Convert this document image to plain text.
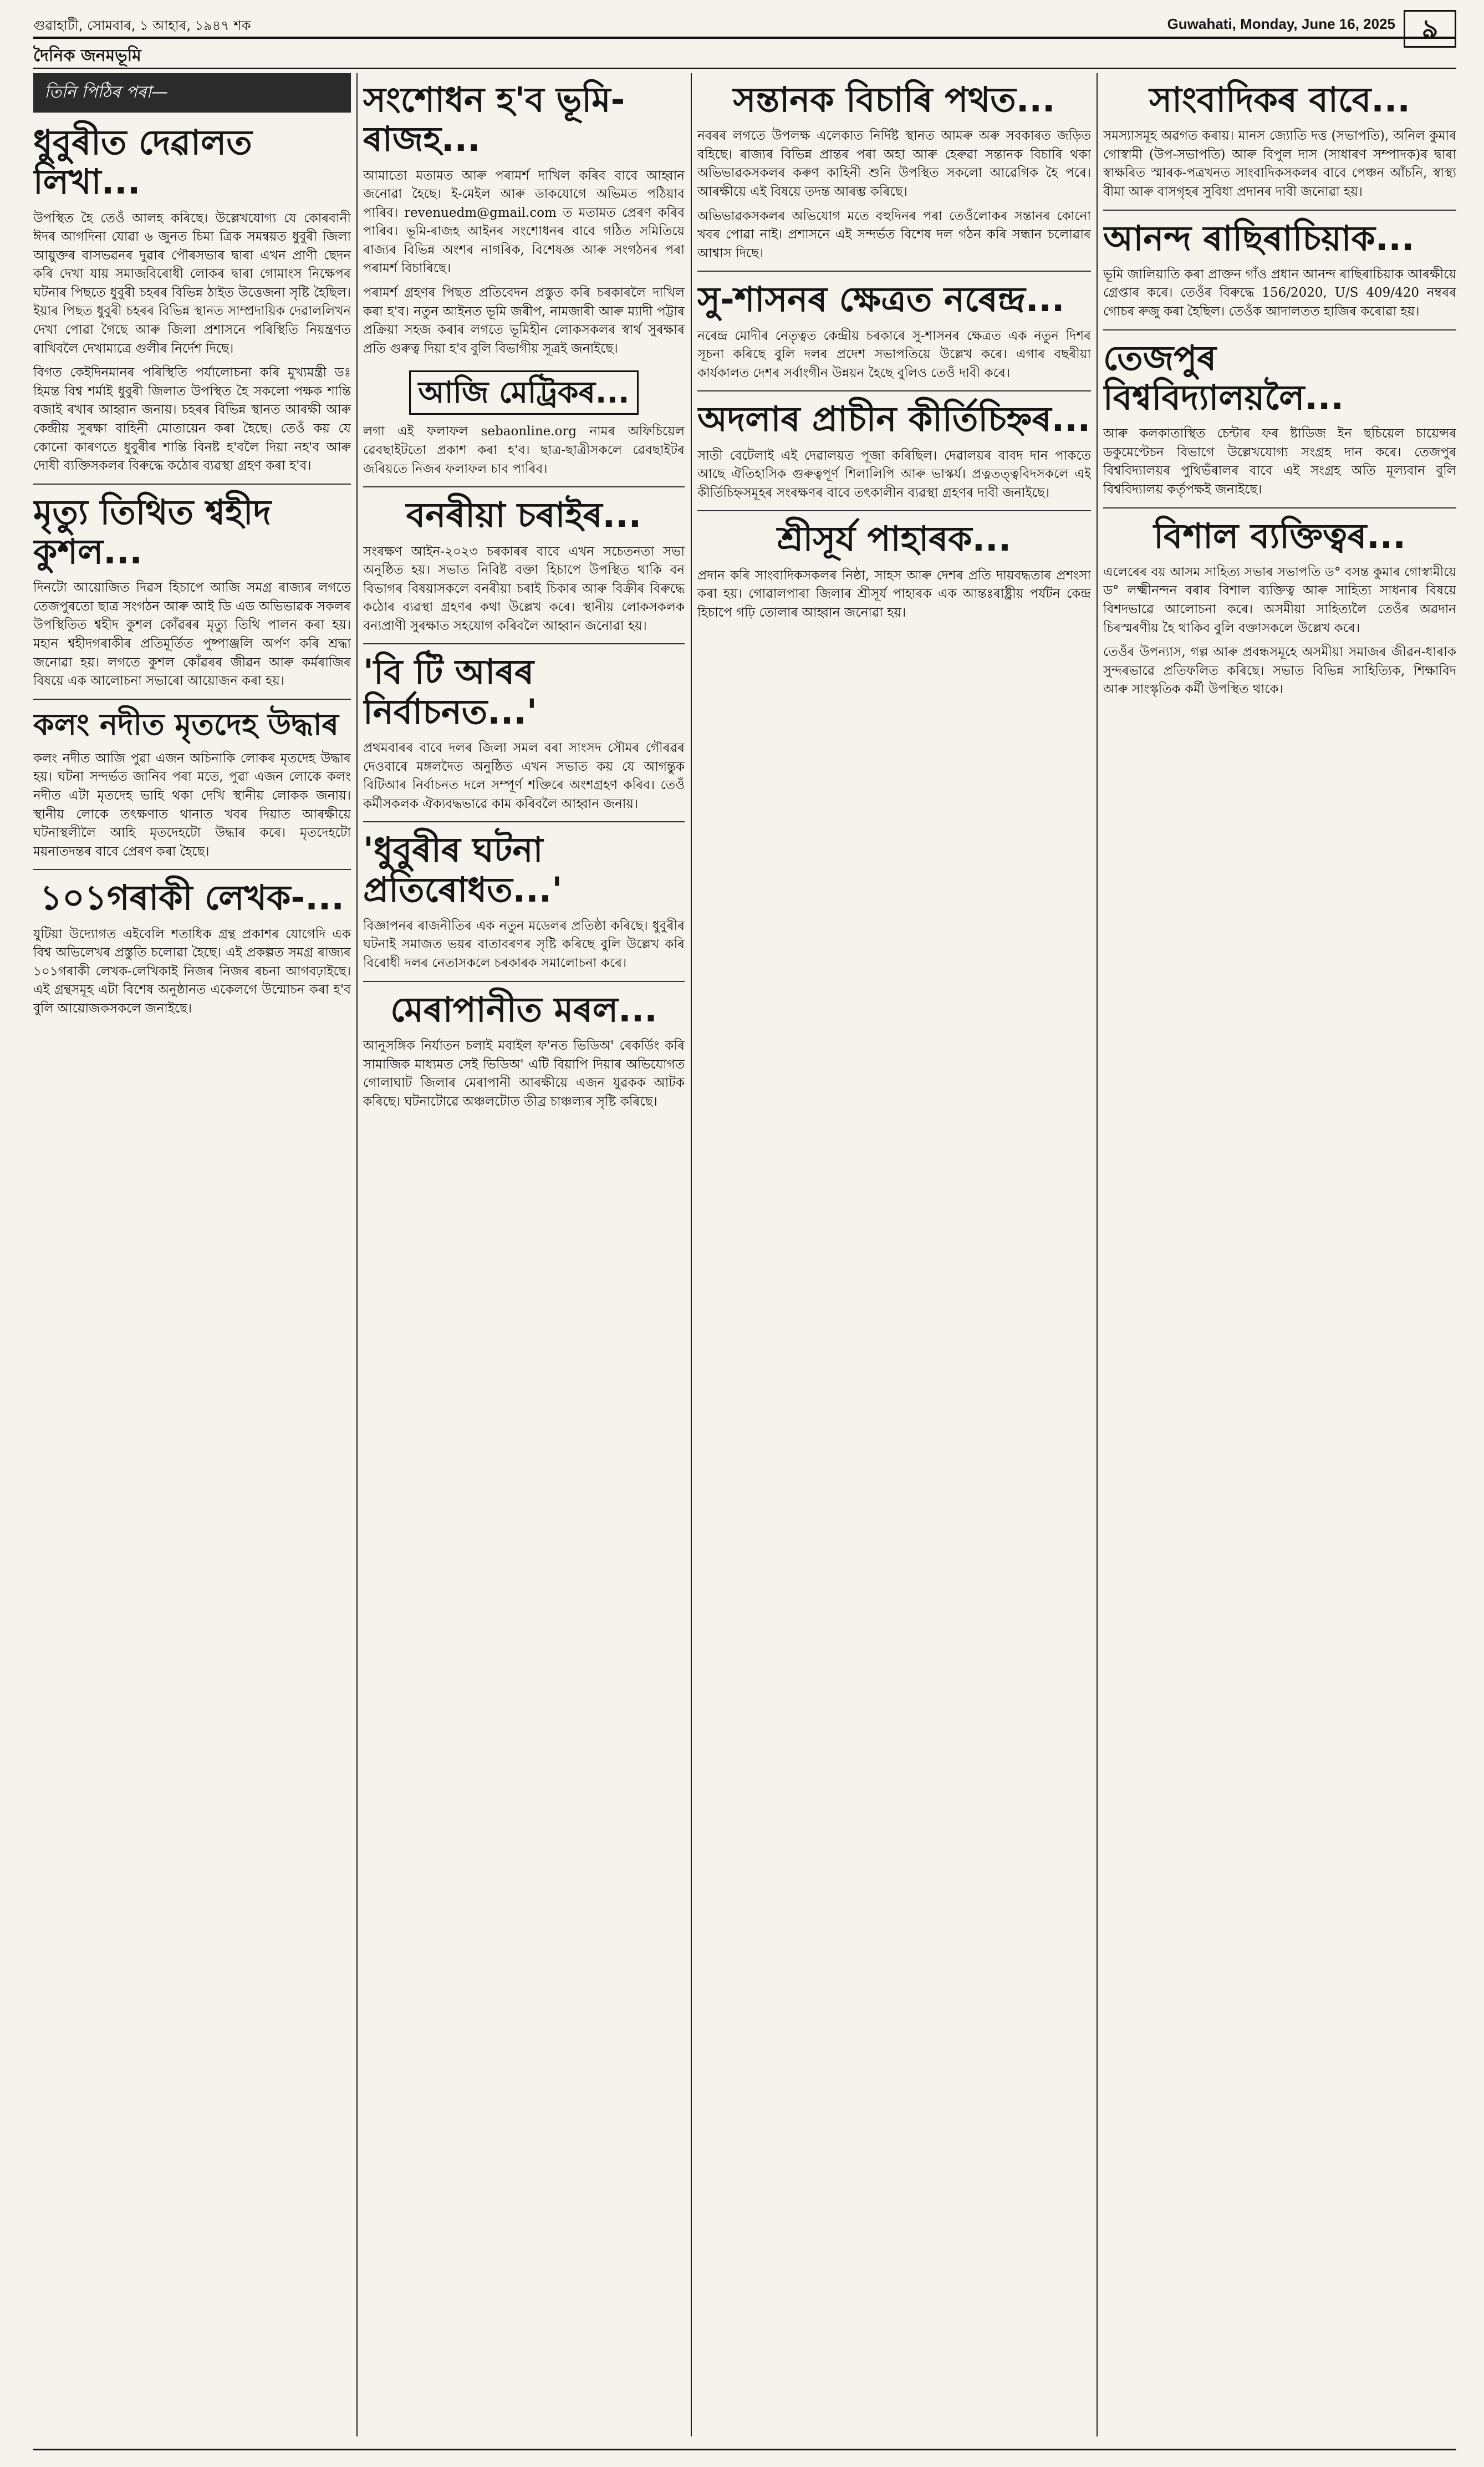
গুৱাহাটী, সোমবাৰ, ১ আহাৰ, ১৯৪৭ শক	Guwahati, Monday, June 16, 2025	৯
দৈনিক জনমভূমি
তিনি পিঠিৰ পৰা—
ধুবুৰীত দেৱালত লিখা...

উপস্থিত হৈ তেওঁ আলহ কৰিছে। উল্লেখযোগ্য যে কোৰবানী ঈদৰ আগদিনা যোৱা ৬ জুনত চিমা ত্ৰিক সমন্বয়ত ধুবুৰী জিলা আয়ুক্তৰ বাসভৱনৰ দুৱাৰ পৌৰসভাৰ দ্বাৰা এখন প্ৰাণী ছেদন কৰি দেখা যায় সমাজবিৰোধী লোকৰ দ্বাৰা গোমাংস নিক্ষেপৰ ঘটনাৰ পিছতে ধুবুৰী চহৰৰ বিভিন্ন ঠাইত উত্তেজনা সৃষ্টি হৈছিল। ইয়াৰ পিছত ধুবুৰী চহৰৰ বিভিন্ন স্থানত সাম্প্ৰদায়িক দেৱাললিখন দেখা পোৱা গৈছে আৰু জিলা প্ৰশাসনে পৰিস্থিতি নিয়ন্ত্ৰণত ৰাখিবলৈ দেখামাত্ৰে গুলীৰ নিৰ্দেশ দিছে।

বিগত কেইদিনমানৰ পৰিস্থিতি পৰ্যালোচনা কৰি মুখ্যমন্ত্ৰী ডঃ হিমন্ত বিশ্ব শৰ্মাই ধুবুৰী জিলাত উপস্থিত হৈ সকলো পক্ষক শান্তি বজাই ৰখাৰ আহ্বান জনায়। চহৰৰ বিভিন্ন স্থানত আৰক্ষী আৰু কেন্দ্ৰীয় সুৰক্ষা বাহিনী মোতায়েন কৰা হৈছে। তেওঁ কয় যে কোনো কাৰণতে ধুবুৰীৰ শান্তি বিনষ্ট হ'বলৈ দিয়া নহ'ব আৰু দোষী ব্যক্তিসকলৰ বিৰুদ্ধে কঠোৰ ব্যৱস্থা গ্ৰহণ কৰা হ'ব।

মৃত্যু তিথিত শ্বহীদ কুশল...

দিনটো আয়োজিত দিৱস হিচাপে আজি সমগ্ৰ ৰাজ্যৰ লগতে তেজপুৰতো ছাত্ৰ সংগঠন আৰু আই ডি এড অভিভাৱক সকলৰ উপস্থিতিত শ্বহীদ কুশল কোঁৱৰৰ মৃত্যু তিথি পালন কৰা হয়। মহান শ্বহীদগৰাকীৰ প্ৰতিমূৰ্তিত পুষ্পাঞ্জলি অৰ্পণ কৰি শ্ৰদ্ধা জনোৱা হয়। লগতে কুশল কোঁৱৰৰ জীৱন আৰু কৰ্মৰাজিৰ বিষয়ে এক আলোচনা সভাৰো আয়োজন কৰা হয়।

কলং নদীত মৃতদেহ উদ্ধাৰ

কলং নদীত আজি পুৱা এজন অচিনাকি লোকৰ মৃতদেহ উদ্ধাৰ হয়। ঘটনা সন্দৰ্ভত জানিব পৰা মতে, পুৱা এজন লোকে কলং নদীত এটা মৃতদেহ ভাহি থকা দেখি স্থানীয় লোকক জনায়। স্থানীয় লোকে তৎক্ষণাত থানাত খবৰ দিয়াত আৰক্ষীয়ে ঘটনাস্থলীলৈ আহি মৃতদেহটো উদ্ধাৰ কৰে। মৃতদেহটো ময়নাতদন্তৰ বাবে প্ৰেৰণ কৰা হৈছে।

১০১গৰাকী লেখক-...

যুটিয়া উদ্যোগত এইবেলি শতাধিক গ্ৰন্থ প্ৰকাশৰ যোগেদি এক বিশ্ব অভিলেখৰ প্ৰস্তুতি চলোৱা হৈছে। এই প্ৰকল্পত সমগ্ৰ ৰাজ্যৰ ১০১গৰাকী লেখক-লেখিকাই নিজৰ নিজৰ ৰচনা আগবঢ়াইছে। এই গ্ৰন্থসমূহ এটা বিশেষ অনুষ্ঠানত একেলগে উন্মোচন কৰা হ'ব বুলি আয়োজকসকলে জনাইছে।

সংশোধন হ'ব ভূমি-ৰাজহ...

আমাতো মতামত আৰু পৰামৰ্শ দাখিল কৰিব বাবে আহ্বান জনোৱা হৈছে। ই-মেইল আৰু ডাকযোগে অভিমত পঠিয়াব পাৰিব। revenuedm@gmail.com ত মতামত প্ৰেৰণ কৰিব পাৰিব। ভূমি-ৰাজহ আইনৰ সংশোধনৰ বাবে গঠিত সমিতিয়ে ৰাজ্যৰ বিভিন্ন অংশৰ নাগৰিক, বিশেষজ্ঞ আৰু সংগঠনৰ পৰা পৰামৰ্শ বিচাৰিছে।

পৰামৰ্শ গ্ৰহণৰ পিছত প্ৰতিবেদন প্ৰস্তুত কৰি চৰকাৰলৈ দাখিল কৰা হ'ব। নতুন আইনত ভূমি জৰীপ, নামজাৰী আৰু ম্যাদী পট্টাৰ প্ৰক্ৰিয়া সহজ কৰাৰ লগতে ভূমিহীন লোকসকলৰ স্বাৰ্থ সুৰক্ষাৰ প্ৰতি গুৰুত্ব দিয়া হ'ব বুলি বিভাগীয় সূত্ৰই জনাইছে।

আজি মেট্ৰিকৰ...

লগা এই ফলাফল sebaonline.org নামৰ অফিচিয়েল ৱেবছাইটতো প্ৰকাশ কৰা হ'ব। ছাত্ৰ-ছাত্ৰীসকলে ৱেবছাইটৰ জৰিয়তে নিজৰ ফলাফল চাব পাৰিব।

বনৰীয়া চৰাইৰ...

সংৰক্ষণ আইন-২০২৩ চৰকাৰৰ বাবে এখন সচেতনতা সভা অনুষ্ঠিত হয়। সভাত নিবিষ্ট বক্তা হিচাপে উপস্থিত থাকি বন বিভাগৰ বিষয়াসকলে বনৰীয়া চৰাই চিকাৰ আৰু বিক্ৰীৰ বিৰুদ্ধে কঠোৰ ব্যৱস্থা গ্ৰহণৰ কথা উল্লেখ কৰে। স্থানীয় লোকসকলক বন্যপ্ৰাণী সুৰক্ষাত সহযোগ কৰিবলৈ আহ্বান জনোৱা হয়।

'বি টি আৰৰ নিৰ্বাচনত...'

প্ৰথমবাৰৰ বাবে দলৰ জিলা সমল বৰা সাংসদ সৌমৰ গৌৰৱৰ দেওবাৰে মঙ্গলদৈত অনুষ্ঠিত এখন সভাত কয় যে আগন্তুক বিটিআৰ নিৰ্বাচনত দলে সম্পূৰ্ণ শক্তিৰে অংশগ্ৰহণ কৰিব। তেওঁ কৰ্মীসকলক ঐক্যবদ্ধভাৱে কাম কৰিবলৈ আহ্বান জনায়।

'ধুবুৰীৰ ঘটনা প্ৰতিৰোধত...'

বিজ্ঞাপনৰ ৰাজনীতিৰ এক নতুন মডেলৰ প্ৰতিষ্ঠা কৰিছে। ধুবুৰীৰ ঘটনাই সমাজত ভয়ৰ বাতাবৰণৰ সৃষ্টি কৰিছে বুলি উল্লেখ কৰি বিৰোধী দলৰ নেতাসকলে চৰকাৰক সমালোচনা কৰে।

মেৰাপানীত মৰল...

আনুসঙ্গিক নিৰ্যাতন চলাই মবাইল ফ'নত ভিডিঅ' ৰেকৰ্ডিং কৰি সামাজিক মাধ্যমত সেই ভিডিঅ' এটি বিয়াপি দিয়াৰ অভিযোগত গোলাঘাট জিলাৰ মেৰাপানী আৰক্ষীয়ে এজন যুৱকক আটক কৰিছে। ঘটনাটোৱে অঞ্চলটোত তীব্ৰ চাঞ্চল্যৰ সৃষ্টি কৰিছে।

সন্তানক বিচাৰি পথত...

নবৰৰ লগতে উপলক্ষ এলেকাত নিৰ্দিষ্ট স্থানত আমৰু অৰু সবকাৰত জড়িত বহিছে। ৰাজ্যৰ বিভিন্ন প্ৰান্তৰ পৰা অহা আৰু হেৰুৱা সন্তানক বিচাৰি থকা অভিভাৱকসকলৰ কৰুণ কাহিনী শুনি উপস্থিত সকলো আৱেগিক হৈ পৰে। আৰক্ষীয়ে এই বিষয়ে তদন্ত আৰম্ভ কৰিছে।

অভিভাৱকসকলৰ অভিযোগ মতে বহুদিনৰ পৰা তেওঁলোকৰ সন্তানৰ কোনো খবৰ পোৱা নাই। প্ৰশাসনে এই সন্দৰ্ভত বিশেষ দল গঠন কৰি সন্ধান চলোৱাৰ আশ্বাস দিছে।

সু-শাসনৰ ক্ষেত্ৰত নৰেন্দ্ৰ...

নৰেন্দ্ৰ মোদীৰ নেতৃত্বত কেন্দ্ৰীয় চৰকাৰে সু-শাসনৰ ক্ষেত্ৰত এক নতুন দিশৰ সূচনা কৰিছে বুলি দলৰ প্ৰদেশ সভাপতিয়ে উল্লেখ কৰে। এগাৰ বছৰীয়া কাৰ্যকালত দেশৰ সৰ্বাংগীন উন্নয়ন হৈছে বুলিও তেওঁ দাবী কৰে।

অদলাৰ প্ৰাচীন কীৰ্তিচিহ্নৰ...

সাতী বেটেলাই এই দেৱালয়ত পূজা কৰিছিল। দেৱালয়ৰ বাবদ দান পাকতে আছে ঐতিহাসিক গুৰুত্বপূৰ্ণ শিলালিপি আৰু ভাস্কৰ্য। প্ৰত্নতত্ত্ববিদসকলে এই কীৰ্তিচিহ্নসমূহৰ সংৰক্ষণৰ বাবে তৎকালীন ব্যৱস্থা গ্ৰহণৰ দাবী জনাইছে।

শ্ৰীসূৰ্য পাহাৰক...

প্ৰদান কৰি সাংবাদিকসকলৰ নিষ্ঠা, সাহস আৰু দেশৰ প্ৰতি দায়বদ্ধতাৰ প্ৰশংসা কৰা হয়। গোৱালপাৰা জিলাৰ শ্ৰীসূৰ্য পাহাৰক এক আন্তঃৰাষ্ট্ৰীয় পৰ্যটন কেন্দ্ৰ হিচাপে গঢ়ি তোলাৰ আহ্বান জনোৱা হয়।

সাংবাদিকৰ বাবে...

সমস্যাসমূহ অৱগত কৰায়। মানস জ্যোতি দত্ত (সভাপতি), অনিল কুমাৰ গোস্বামী (উপ-সভাপতি) আৰু বিপুল দাস (সাধাৰণ সম্পাদক)ৰ দ্বাৰা স্বাক্ষৰিত স্মাৰক-পত্ৰখনত সাংবাদিকসকলৰ বাবে পেঞ্চন আঁচনি, স্বাস্থ্য বীমা আৰু বাসগৃহৰ সুবিধা প্ৰদানৰ দাবী জনোৱা হয়।

আনন্দ ৰাছিৰাচিয়াক...

ভূমি জালিয়াতি কৰা প্ৰাক্তন গাঁও প্ৰধান আনন্দ ৰাছিৰাচিয়াক আৰক্ষীয়ে গ্ৰেপ্তাৰ কৰে। তেওঁৰ বিৰুদ্ধে 156/2020, U/S 409/420 নম্বৰৰ গোচৰ ৰুজু কৰা হৈছিল। তেওঁক আদালতত হাজিৰ কৰোৱা হয়।

তেজপুৰ বিশ্ববিদ্যালয়লৈ...

আৰু কলকাতাস্থিত চেন্টাৰ ফৰ ষ্টাডিজ ইন ছচিয়েল চায়েন্সৰ ডকুমেণ্টেচন বিভাগে উল্লেখযোগ্য সংগ্ৰহ দান কৰে। তেজপুৰ বিশ্ববিদ্যালয়ৰ পুথিভঁৰালৰ বাবে এই সংগ্ৰহ অতি মূল্যবান বুলি বিশ্ববিদ্যালয় কৰ্তৃপক্ষই জনাইছে।

বিশাল ব্যক্তিত্বৰ...

এলেৰেৰ বয় আসম সাহিত্য সভাৰ সভাপতি ড° বসন্ত কুমাৰ গোস্বামীয়ে ড° লক্ষ্মীনন্দন বৰাৰ বিশাল ব্যক্তিত্ব আৰু সাহিত্য সাধনাৰ বিষয়ে বিশদভাৱে আলোচনা কৰে। অসমীয়া সাহিত্যলৈ তেওঁৰ অৱদান চিৰস্মৰণীয় হৈ থাকিব বুলি বক্তাসকলে উল্লেখ কৰে।

তেওঁৰ উপন্যাস, গল্প আৰু প্ৰবন্ধসমূহে অসমীয়া সমাজৰ জীৱন-ধাৰাক সুন্দৰভাৱে প্ৰতিফলিত কৰিছে। সভাত বিভিন্ন সাহিত্যিক, শিক্ষাবিদ আৰু সাংস্কৃতিক কৰ্মী উপস্থিত থাকে।
